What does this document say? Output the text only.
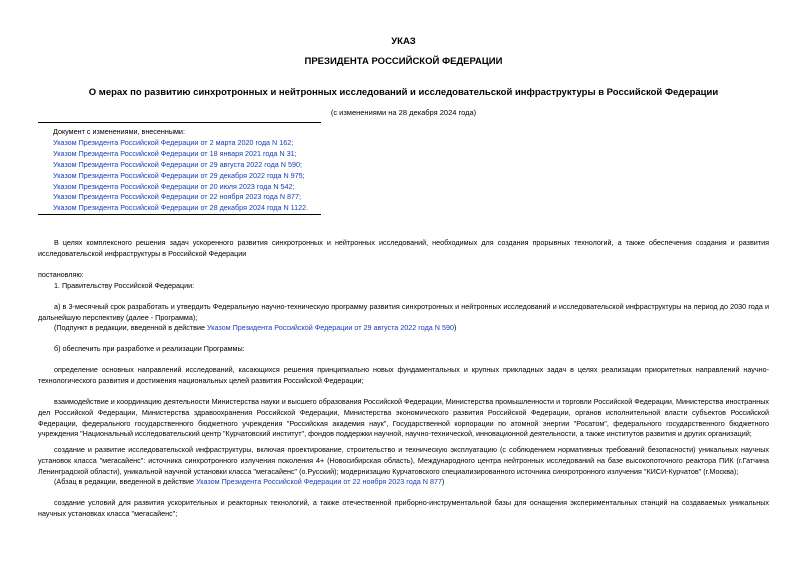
УКАЗ
ПРЕЗИДЕНТА РОССИЙСКОЙ ФЕДЕРАЦИИ
О мерах по развитию синхротронных и нейтронных исследований и исследовательской инфраструктуры в Российской Федерации
(с изменениями на 28 декабря 2024 года)
Документ с изменениями, внесенными:
Указом Президента Российской Федерации от 2 марта 2020 года N 162;
Указом Президента Российской Федерации от 18 января 2021 года N 31;
Указом Президента Российской Федерации от 29 августа 2022 года N 590;
Указом Президента Российской Федерации от 29 декабря 2022 года N 975;
Указом Президента Российской Федерации от 20 июля 2023 года N 542;
Указом Президента Российской Федерации от 22 ноября 2023 года N 877;
Указом Президента Российской Федерации от 28 декабря 2024 года N 1122.
В целях комплексного решения задач ускоренного развития синхротронных и нейтронных исследований, необходимых для создания прорывных технологий, а также обеспечения создания и развития исследовательской инфраструктуры в Российской Федерации
постановляю:
1. Правительству Российской Федерации:
а) в 3-месячный срок разработать и утвердить Федеральную научно-техническую программу развития синхротронных и нейтронных исследований и исследовательской инфраструктуры на период до 2030 года и дальнейшую перспективу (далее - Программа);
(Подпункт в редакции, введенной в действие Указом Президента Российской Федерации от 29 августа 2022 года N 590)
б) обеспечить при разработке и реализации Программы:
определение основных направлений исследований, касающихся решения принципиально новых фундаментальных и крупных прикладных задач в целях реализации приоритетных направлений научно-технологического развития и достижения национальных целей развития Российской Федерации;
взаимодействие и координацию деятельности Министерства науки и высшего образования Российской Федерации, Министерства промышленности и торговли Российской Федерации, Министерства иностранных дел Российской Федерации, Министерства здравоохранения Российской Федерации, Министерства экономического развития Российской Федерации, органов исполнительной власти субъектов Российской Федерации, федерального государственного бюджетного учреждения "Российская академия наук", Государственной корпорации по атомной энергии "Росатом", федерального государственного бюджетного учреждения "Национальный исследовательский центр "Курчатовский институт", фондов поддержки научной, научно-технической, инновационной деятельности, а также институтов развития и других организаций;
создание и развитие исследовательской инфраструктуры, включая проектирование, строительство и техническую эксплуатацию (с соблюдением нормативных требований безопасности) уникальных научных установок класса "мегасайенс": источника синхротронного излучения поколения 4+ (Новосибирская область), Международного центра нейтронных исследований на базе высокопоточного реактора ПИК (г.Гатчина Ленинградской области), уникальной научной установки класса "мегасайенс" (о.Русский); модернизацию Курчатовского специализированного источника синхротронного излучения "КИСИ-Курчатов" (г.Москва);
(Абзац в редакции, введенной в действие Указом Президента Российской Федерации от 22 ноября 2023 года N 877)
создание условий для развития ускорительных и реакторных технологий, а также отечественной приборно-инструментальной базы для оснащения экспериментальных станций на создаваемых уникальных научных установках класса "мегасайенс";
